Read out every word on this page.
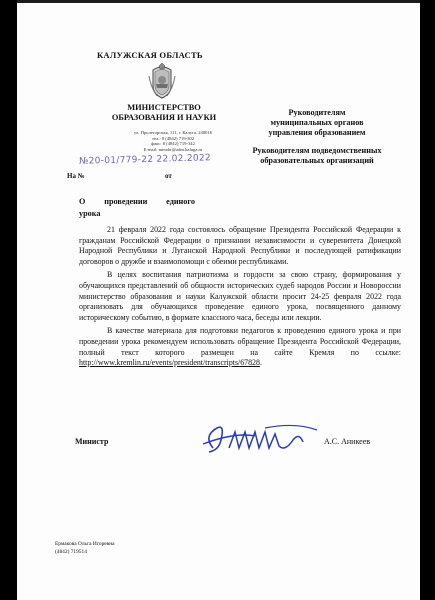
КАЛУЖСКАЯ ОБЛАСТЬ
МИНИСТЕРСТВО
ОБРАЗОВАНИЯ И НАУКИ
ул. Пролетарская, 111, г. Калуга, 248016
тел.: 8 (4842) 719-302
факс: 8 (4842) 719-342
E-mail: minobr@adm.kaluga.ru
Руководителям
муниципальных органов
управления образованием
Руководителям подведомственных
образовательных организаций
№20-01/779-22 22.02.2022
На №	от
О проведении единого
урока

21 февраля 2022 года состоялось обращение Президента Российской Федерации к гражданам Российской Федерации о признании независимости и суверенитета Донецкой Народной Республики и Луганской Народной Республики и последующей ратификации договоров о дружбе и взаимопомощи с обеими республиками.

В целях воспитания патриотизма и гордости за свою страну, формирования у обучающихся представлений об общности исторических судеб народов России и Новороссии министерство образования и науки Калужской области просит 24-25 февраля 2022 года организовать для обучающихся проведение единого урока, посвященного данному историческому событию, в формате классного часа, беседы или лекции.

В качестве материала для подготовки педагогов к проведению единого урока и при проведении урока рекомендуем использовать обращение Президента Российской Федерации, полный текст которого размещен на сайте Кремля по ссылке: http://www.kremlin.ru/events/president/transcripts/67828.

Министр	А.С. Аникеев
Ермакова Ольга Игоревна
(4842) 719514
